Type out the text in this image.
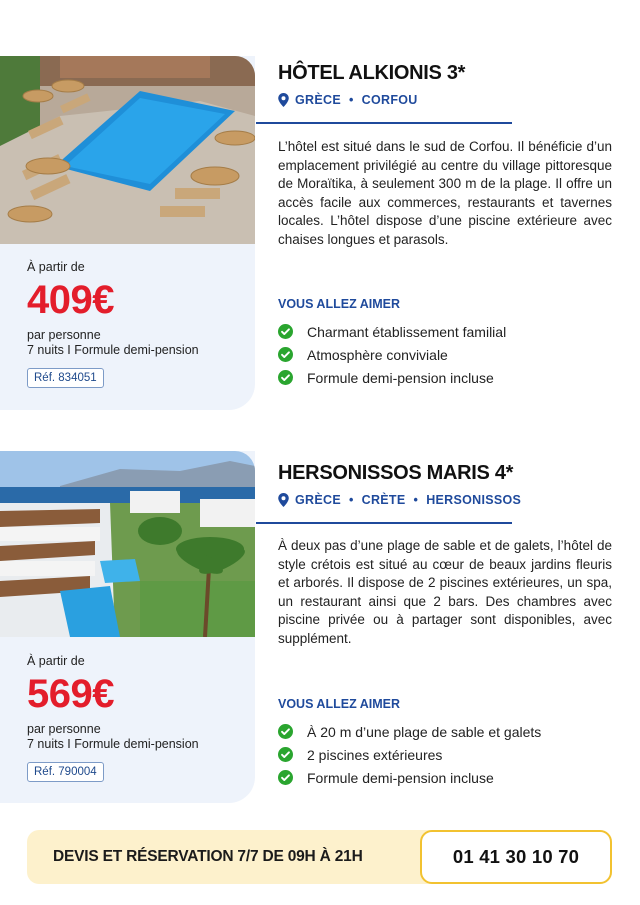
À partir de
409€
par personne
7 nuits I Formule demi-pension
Réf. 834051
HÔTEL ALKIONIS 3*
GRÈCE • CORFOU
L’hôtel est situé dans le sud de Corfou. Il bénéficie d’un emplacement privilégié au centre du village pittoresque de Moraïtika, à seulement 300 m de la plage. Il offre un accès facile aux commerces, restaurants et tavernes locales. L’hôtel dispose d’une piscine extérieure avec chaises longues et parasols.
VOUS ALLEZ AIMER
Charmant établissement familial
Atmosphère conviviale
Formule demi-pension incluse
À partir de
569€
par personne
7 nuits I Formule demi-pension
Réf. 790004
HERSONISSOS MARIS 4*
GRÈCE • CRÈTE • HERSONISSOS
À deux pas d’une plage de sable et de galets, l’hôtel de style crétois est situé au cœur de beaux jardins fleuris et arborés. Il dispose de 2 piscines extérieures, un spa, un restaurant ainsi que 2 bars. Des chambres avec piscine privée ou à partager sont disponibles, avec supplément.
VOUS ALLEZ AIMER
À 20 m d’une plage de sable et galets
2 piscines extérieures
Formule demi-pension incluse
DEVIS ET RÉSERVATION 7/7 DE 09H À 21H	01 41 30 10 70
